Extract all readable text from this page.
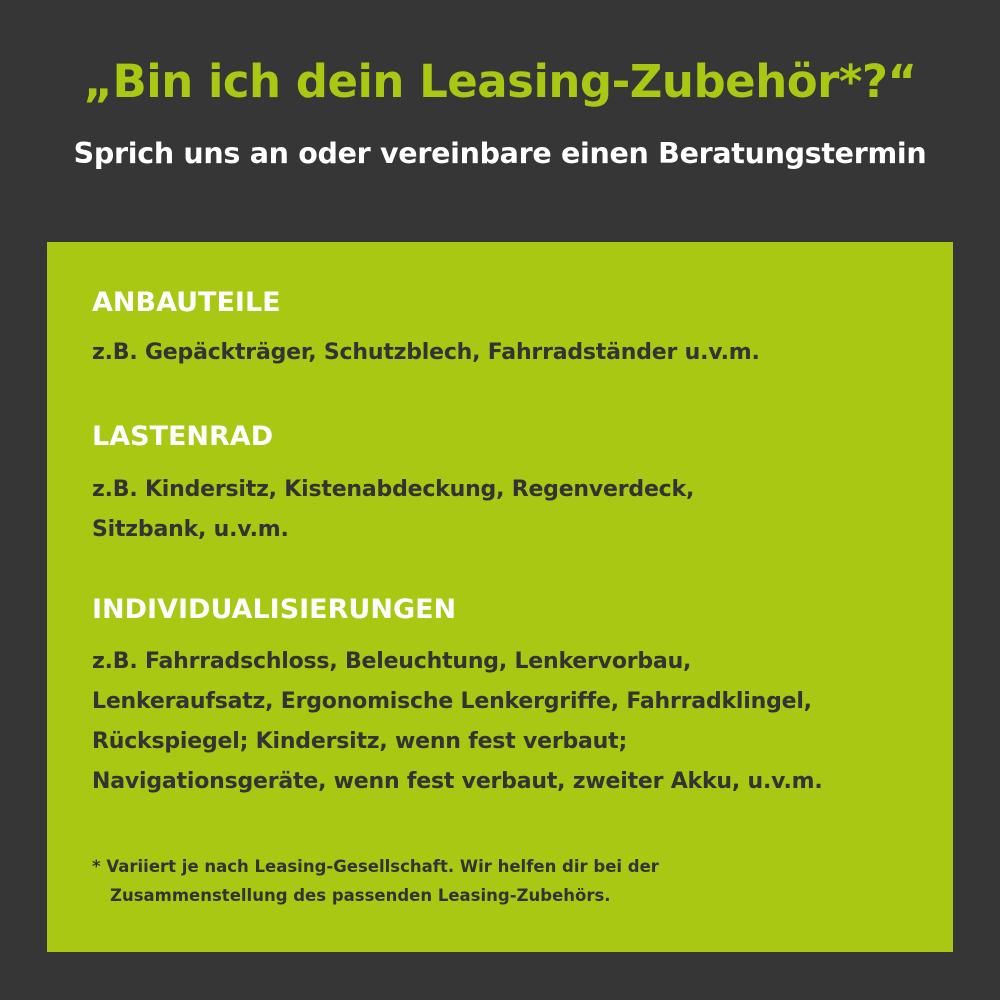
„Bin ich dein Leasing-Zubehör*?“
Sprich uns an oder vereinbare einen Beratungstermin
ANBAUTEILE
z.B. Gepäckträger, Schutzblech, Fahrradständer u.v.m.
LASTENRAD
z.B. Kindersitz, Kistenabdeckung, Regenverdeck,
Sitzbank, u.v.m.
INDIVIDUALISIERUNGEN
z.B. Fahrradschloss, Beleuchtung, Lenkervorbau,
Lenkeraufsatz, Ergonomische Lenkergriffe, Fahrradklingel,
Rückspiegel; Kindersitz, wenn fest verbaut;
Navigationsgeräte, wenn fest verbaut, zweiter Akku, u.v.m.
* Variiert je nach Leasing-Gesellschaft. Wir helfen dir bei der
Zusammenstellung des passenden Leasing-Zubehörs.
